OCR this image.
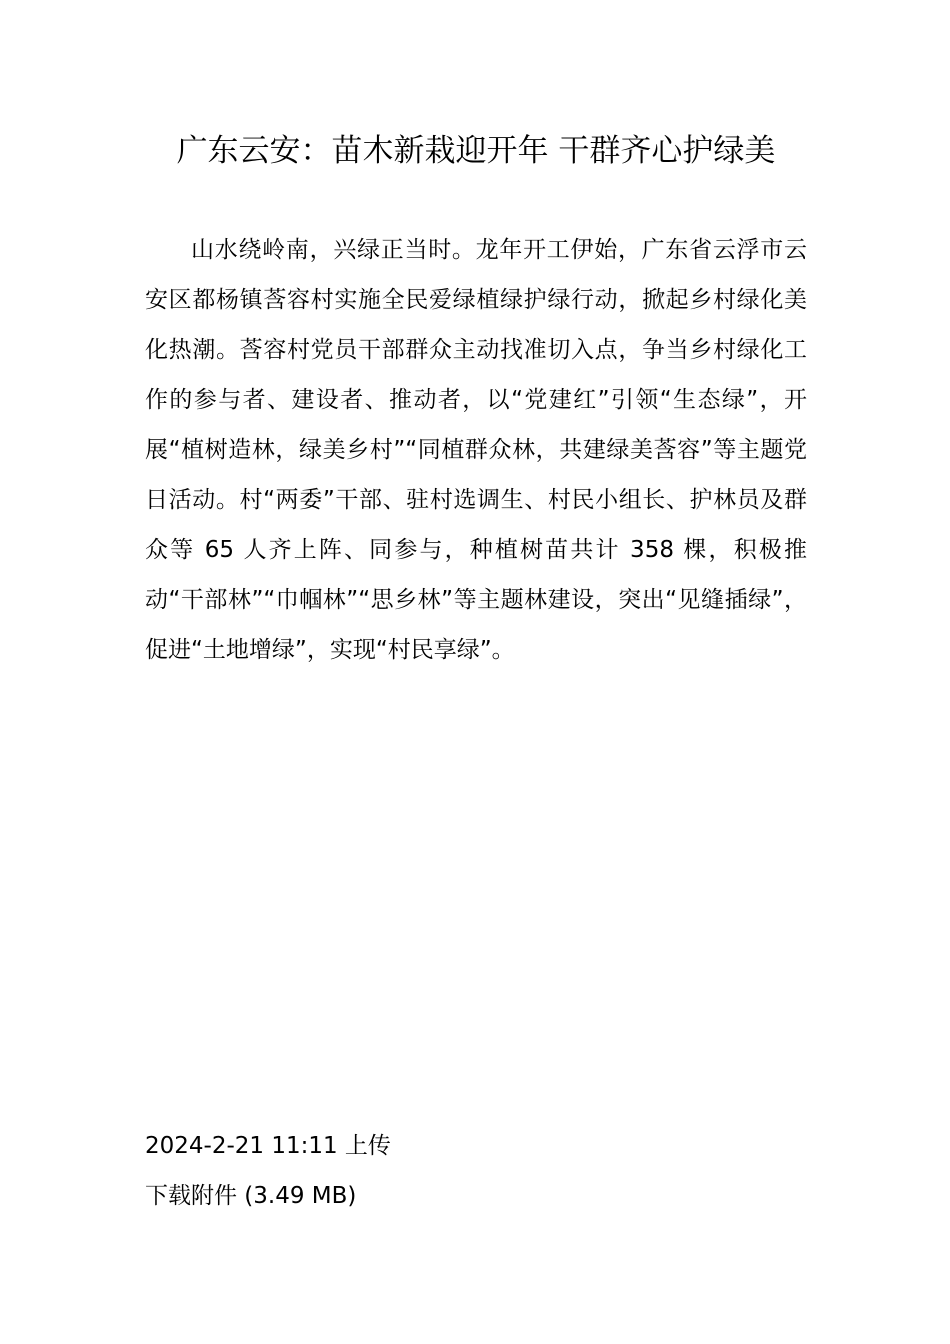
广东云安：苗木新栽迎开年 干群齐心护绿美

山水绕岭南，兴绿正当时。龙年开工伊始，广东省云浮市云安区都杨镇莟容村实施全民爱绿植绿护绿行动，掀起乡村绿化美化热潮。莟容村党员干部群众主动找准切入点，争当乡村绿化工作的参与者、建设者、推动者，以“党建红”引领“生态绿”，开展“植树造林，绿美乡村”“同植群众林，共建绿美莟容”等主题党日活动。村“两委”干部、驻村选调生、村民小组长、护林员及群众等 65 人齐上阵、同参与，种植树苗共计 358 棵，积极推动“干部林”“巾帼林”“思乡林”等主题林建设，突出“见缝插绿”，促进“土地增绿”，实现“村民享绿”。

2024-2-21 11:11 上传

下载附件 (3.49 MB)
